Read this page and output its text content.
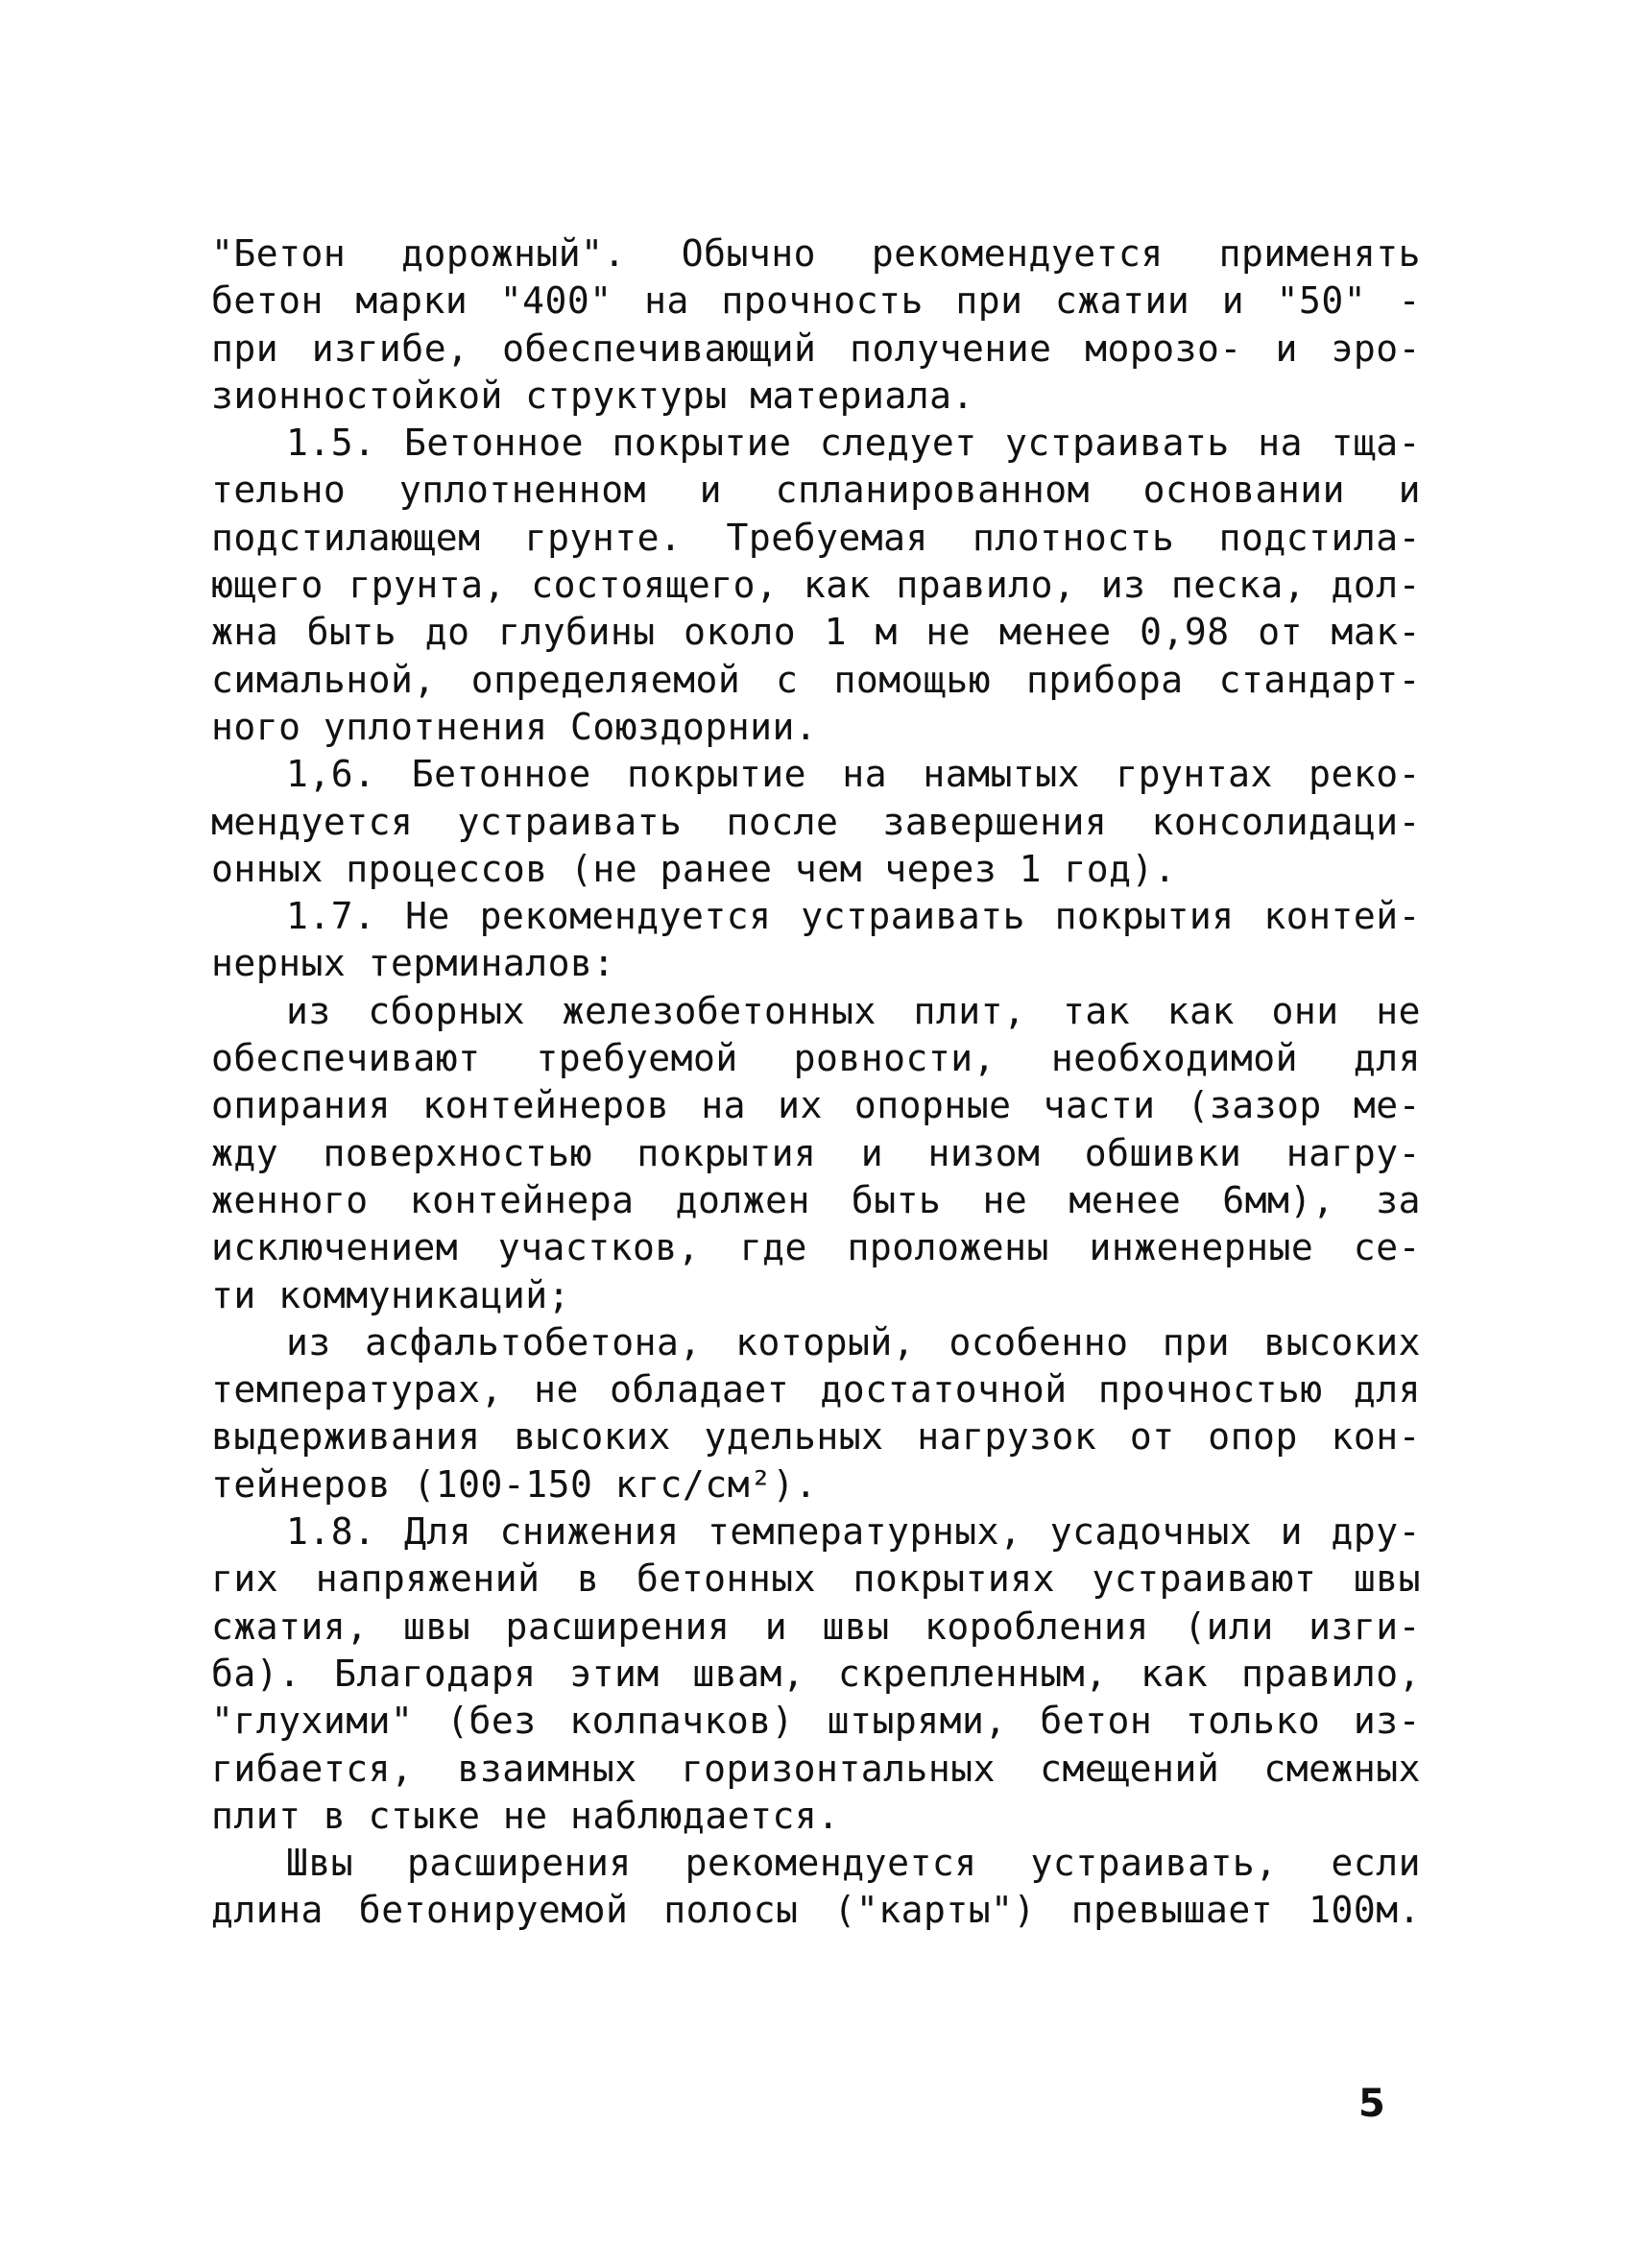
"Бетон дорожный". Обычно рекомендуется применять
бетон марки "400" на прочность при сжатии и "50" -
при изгибе, обеспечивающий получение морозо- и эро-
зионностойкой структуры материала.
1.5. Бетонное покрытие следует устраивать на тща-
тельно уплотненном и спланированном основании и
подстилающем грунте. Требуемая плотность подстила-
ющего грунта, состоящего, как правило, из песка, дол-
жна быть до глубины около 1 м не менее 0,98 от мак-
симальной, определяемой с помощью прибора стандарт-
ного уплотнения Союздорнии.
1,6. Бетонное покрытие на намытых грунтах реко-
мендуется устраивать после завершения консолидаци-
онных процессов (не ранее чем через 1 год).
1.7. Не рекомендуется устраивать покрытия контей-
нерных терминалов:
из сборных железобетонных плит, так как они не
обеспечивают требуемой ровности, необходимой для
опирания контейнеров на их опорные части (зазор ме-
жду поверхностью покрытия и низом обшивки нагру-
женного контейнера должен быть не менее 6мм), за
исключением участков, где проложены инженерные се-
ти коммуникаций;
из асфальтобетона, который, особенно при высоких
температурах, не обладает достаточной прочностью для
выдерживания высоких удельных нагрузок от опор кон-
тейнеров (100-150 кгс/см²).
1.8. Для снижения температурных, усадочных и дру-
гих напряжений в бетонных покрытиях устраивают швы
сжатия, швы расширения и швы коробления (или изги-
ба). Благодаря этим швам, скрепленным, как правило,
"глухими" (без колпачков) штырями, бетон только из-
гибается, взаимных горизонтальных смещений смежных
плит в стыке не наблюдается.
Швы расширения рекомендуется устраивать, если
длина бетонируемой полосы ("карты") превышает 100м.
5
